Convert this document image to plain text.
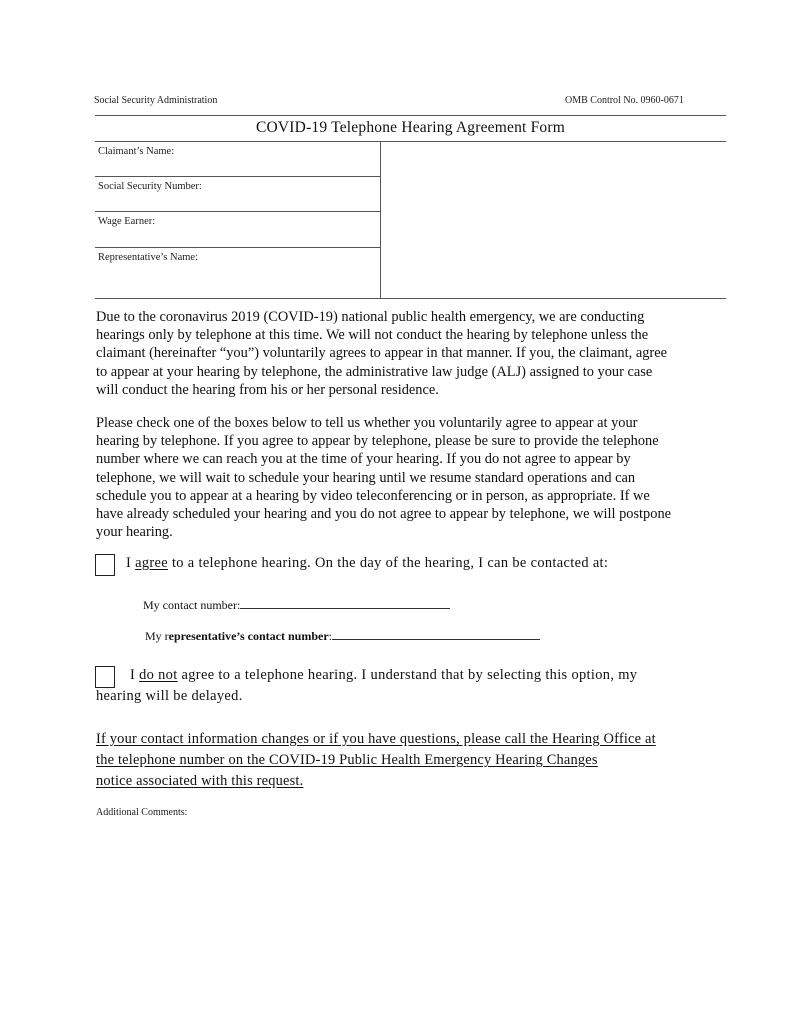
Social Security Administration	OMB Control No. 0960-0671
COVID-19 Telephone Hearing Agreement Form
Claimant’s Name:
Social Security Number:
Wage Earner:
Representative’s Name:
Due to the coronavirus 2019 (COVID-19) national public health emergency, we are conducting
hearings only by telephone at this time. We will not conduct the hearing by telephone unless the
claimant (hereinafter “you”) voluntarily agrees to appear in that manner. If you, the claimant, agree
to appear at your hearing by telephone, the administrative law judge (ALJ) assigned to your case
will conduct the hearing from his or her personal residence.
Please check one of the boxes below to tell us whether you voluntarily agree to appear at your
hearing by telephone. If you agree to appear by telephone, please be sure to provide the telephone
number where we can reach you at the time of your hearing. If you do not agree to appear by
telephone, we will wait to schedule your hearing until we resume standard operations and can
schedule you to appear at a hearing by video teleconferencing or in person, as appropriate. If we
have already scheduled your hearing and you do not agree to appear by telephone, we will postpone
your hearing.
I agree to a telephone hearing. On the day of the hearing, I can be contacted at:
My contact number:
My representative’s contact number:
I do not agree to a telephone hearing. I understand that by selecting this option, my
hearing will be delayed.
If your contact information changes or if you have questions, please call the Hearing Office at
the telephone number on the COVID-19 Public Health Emergency Hearing Changes
notice associated with this request.
Additional Comments:
